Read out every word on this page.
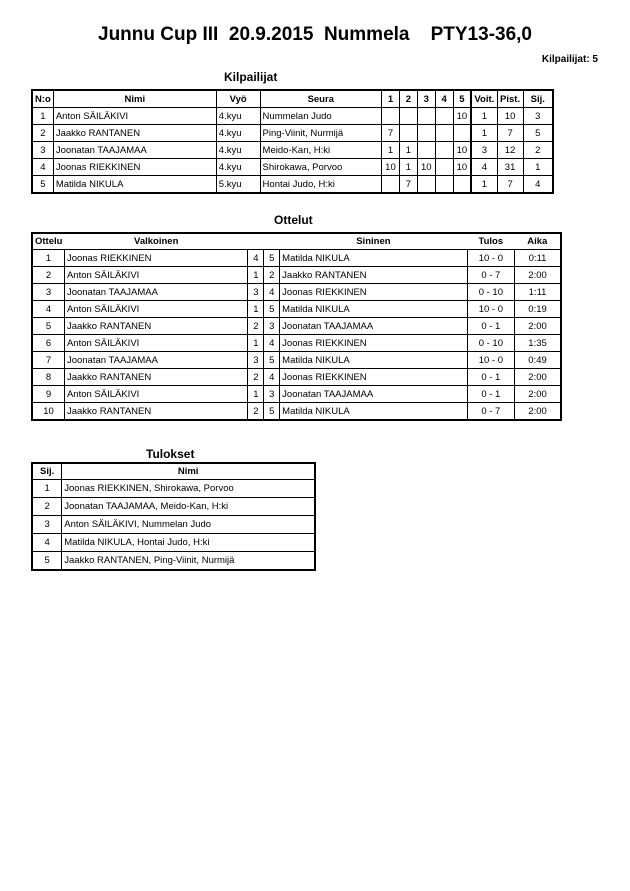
Junnu Cup III  20.9.2015  Nummela    PTY13-36,0
Kilpailijat: 5
Kilpailijat
N:o	Nimi	Vyö	Seura	1	2	3	4	5	Voit.	Pist.	Sij.
1	Anton SÄILÄKIVI	4.kyu	Nummelan Judo					10	1	10	3
2	Jaakko RANTANEN	4.kyu	Ping-Viinit, Nurmijä	7					1	7	5
3	Joonatan TAAJAMAA	4.kyu	Meido-Kan, H:ki	1	1			10	3	12	2
4	Joonas RIEKKINEN	4.kyu	Shirokawa, Porvoo	10	1	10		10	4	31	1
5	Matilda NIKULA	5.kyu	Hontai Judo, H:ki		7				1	7	4
Ottelut
Ottelu	Valkoinen			Sininen	Tulos	Aika
1	Joonas RIEKKINEN	4	5	Matilda NIKULA	10 - 0	0:11
2	Anton SÄILÄKIVI	1	2	Jaakko RANTANEN	0 - 7	2:00
3	Joonatan TAAJAMAA	3	4	Joonas RIEKKINEN	0 - 10	1:11
4	Anton SÄILÄKIVI	1	5	Matilda NIKULA	10 - 0	0:19
5	Jaakko RANTANEN	2	3	Joonatan TAAJAMAA	0 - 1	2:00
6	Anton SÄILÄKIVI	1	4	Joonas RIEKKINEN	0 - 10	1:35
7	Joonatan TAAJAMAA	3	5	Matilda NIKULA	10 - 0	0:49
8	Jaakko RANTANEN	2	4	Joonas RIEKKINEN	0 - 1	2:00
9	Anton SÄILÄKIVI	1	3	Joonatan TAAJAMAA	0 - 1	2:00
10	Jaakko RANTANEN	2	5	Matilda NIKULA	0 - 7	2:00
Tulokset
Sij.	Nimi
1	Joonas RIEKKINEN, Shirokawa, Porvoo
2	Joonatan TAAJAMAA, Meido-Kan, H:ki
3	Anton SÄILÄKIVI, Nummelan Judo
4	Matilda NIKULA, Hontai Judo, H:ki
5	Jaakko RANTANEN, Ping-Viinit, Nurmijä
